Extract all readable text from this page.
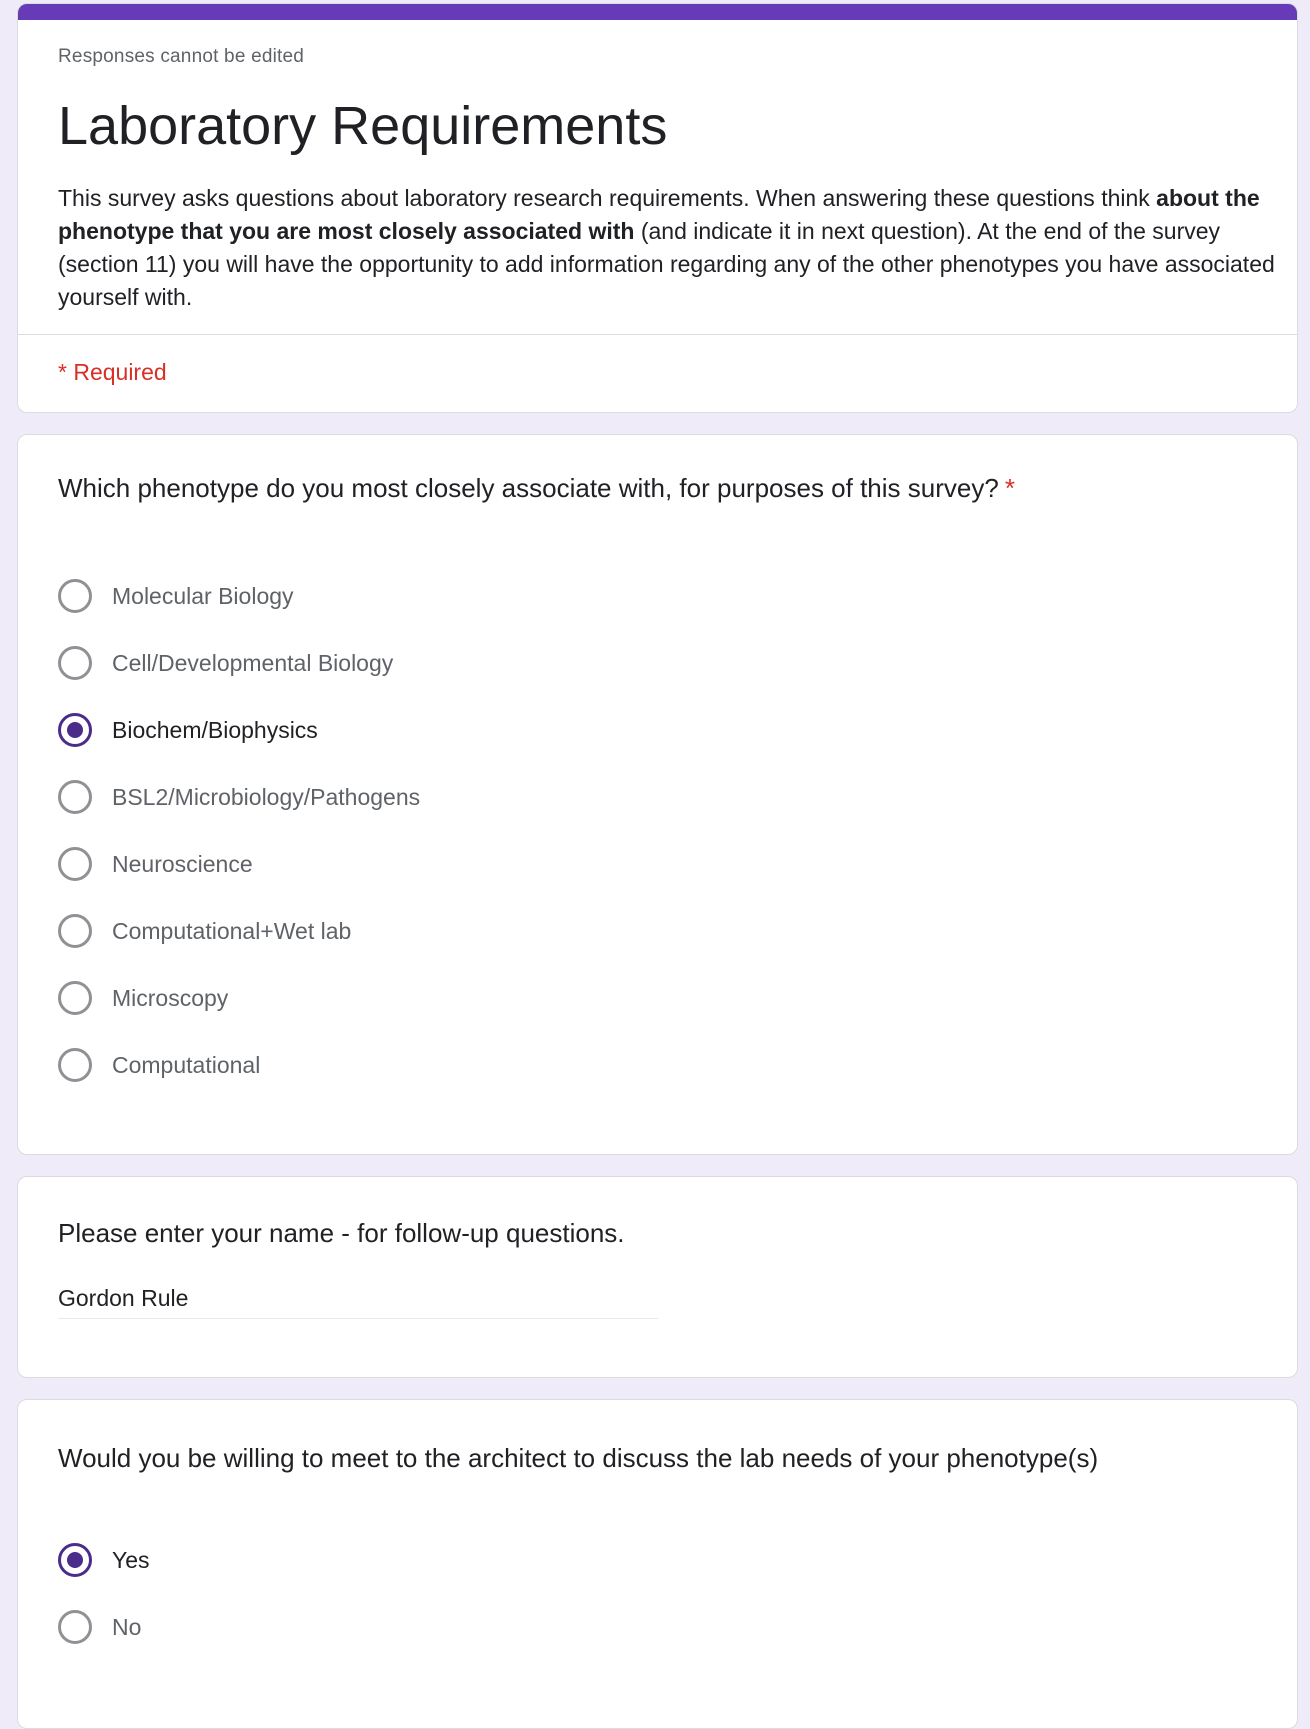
Responses cannot be edited
Laboratory Requirements

This survey asks questions about laboratory research requirements. When answering these questions think about the phenotype that you are most closely associated with (and indicate it in next question). At the end of the survey (section 11) you will have the opportunity to add information regarding any of the other phenotypes you have associated yourself with.

* Required
Which phenotype do you most closely associate with, for purposes of this survey? *
Molecular Biology
Cell/Developmental Biology
Biochem/Biophysics
BSL2/Microbiology/Pathogens
Neuroscience
Computational+Wet lab
Microscopy
Computational
Please enter your name - for follow-up questions.
Gordon Rule
Would you be willing to meet to the architect to discuss the lab needs of your phenotype(s)
Yes
No
